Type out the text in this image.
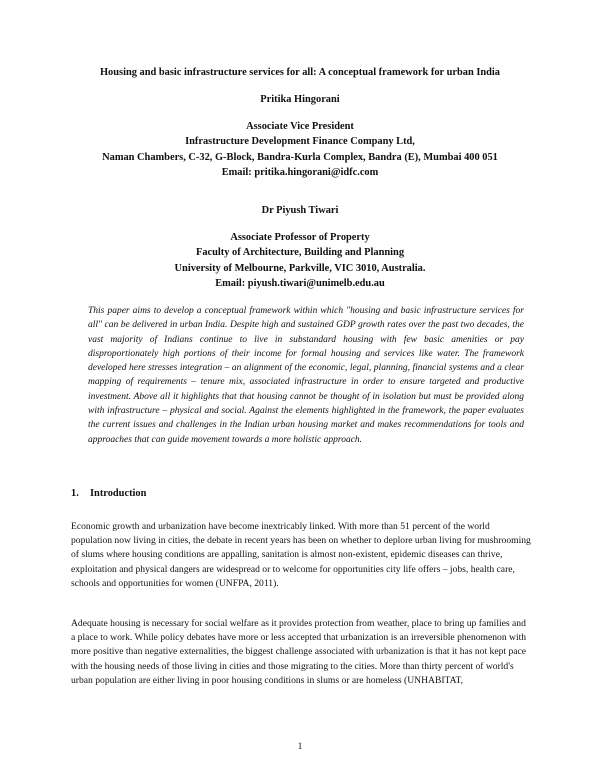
Housing and basic infrastructure services for all: A conceptual framework for urban India
Pritika Hingorani
Associate Vice President
Infrastructure Development Finance Company Ltd,
Naman Chambers, C-32, G-Block, Bandra-Kurla Complex, Bandra (E), Mumbai 400 051
Email: pritika.hingorani@idfc.com
Dr Piyush Tiwari
Associate Professor of Property
Faculty of Architecture, Building and Planning
University of Melbourne, Parkville, VIC 3010, Australia.
Email: piyush.tiwari@unimelb.edu.au

This paper aims to develop a conceptual framework within which "housing and basic infrastructure services for all" can be delivered in urban India. Despite high and sustained GDP growth rates over the past two decades, the vast majority of Indians continue to live in substandard housing with few basic amenities or pay disproportionately high portions of their income for formal housing and services like water. The framework developed here stresses integration – an alignment of the economic, legal, planning, financial systems and a clear mapping of requirements – tenure mix, associated infrastructure in order to ensure targeted and productive investment. Above all it highlights that that housing cannot be thought of in isolation but must be provided along with infrastructure – physical and social. Against the elements highlighted in the framework, the paper evaluates the current issues and challenges in the Indian urban housing market and makes recommendations for tools and approaches that can guide movement towards a more holistic approach.

1. Introduction

Economic growth and urbanization have become inextricably linked. With more than 51 percent of the world population now living in cities, the debate in recent years has been on whether to deplore urban living for mushrooming of slums where housing conditions are appalling, sanitation is almost non-existent, epidemic diseases can thrive, exploitation and physical dangers are widespread or to welcome for opportunities city life offers – jobs, health care, schools and opportunities for women (UNFPA, 2011).

Adequate housing is necessary for social welfare as it provides protection from weather, place to bring up families and a place to work. While policy debates have more or less accepted that urbanization is an irreversible phenomenon with more positive than negative externalities, the biggest challenge associated with urbanization is that it has not kept pace with the housing needs of those living in cities and those migrating to the cities. More than thirty percent of world's urban population are either living in poor housing conditions in slums or are homeless (UNHABITAT,

1
